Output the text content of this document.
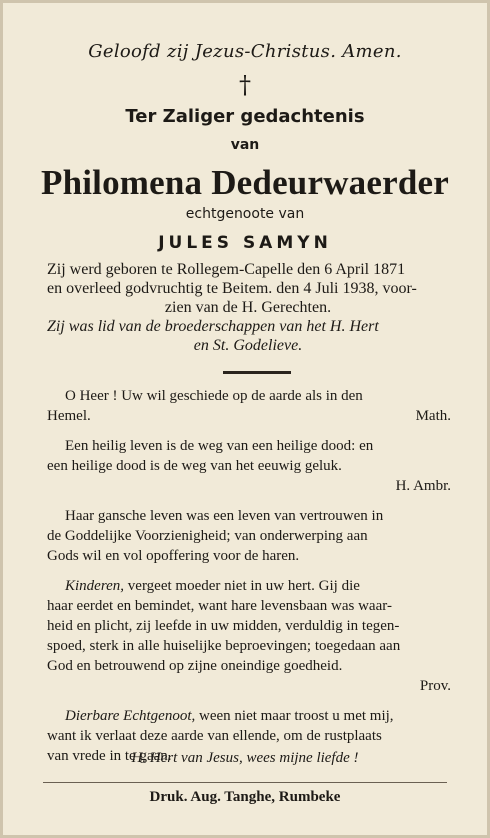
Geloofd zij Jezus-Christus. Amen.
†
Ter Zaliger gedachtenis
van
Philomena Dedeurwaerder
echtgenoote van
JULES SAMYN
Zij werd geboren te Rollegem-Capelle den 6 April 1871
en overleed godvruchtig te Beitem. den 4 Juli 1938, voor-
zien van de H. Gerechten.
Zij was lid van de broederschappen van het H. Hert
en St. Godelieve.

O Heer ! Uw wil geschiede op de aarde als in den
Hemel.	Math.

Een heilig leven is de weg van een heilige dood: en
een heilige dood is de weg van het eeuwig geluk.
H. Ambr.

Haar gansche leven was een leven van vertrouwen in
de Goddelijke Voorzienigheid; van onderwerping aan
Gods wil en vol opoffering voor de haren.

Kinderen, vergeet moeder niet in uw hert. Gij die
haar eerdet en bemindet, want hare levensbaan was waar-
heid en plicht, zij leefde in uw midden, verduldig in tegen-
spoed, sterk in alle huiselijke beproevingen; toegedaan aan
God en betrouwend op zijne oneindige goedheid.
Prov.

Dierbare Echtgenoot, ween niet maar troost u met mij,
want ik verlaat deze aarde van ellende, om de rustplaats
van vrede in te gaan.

H. Hert van Jesus, wees mijne liefde !
Druk. Aug. Tanghe, Rumbeke
